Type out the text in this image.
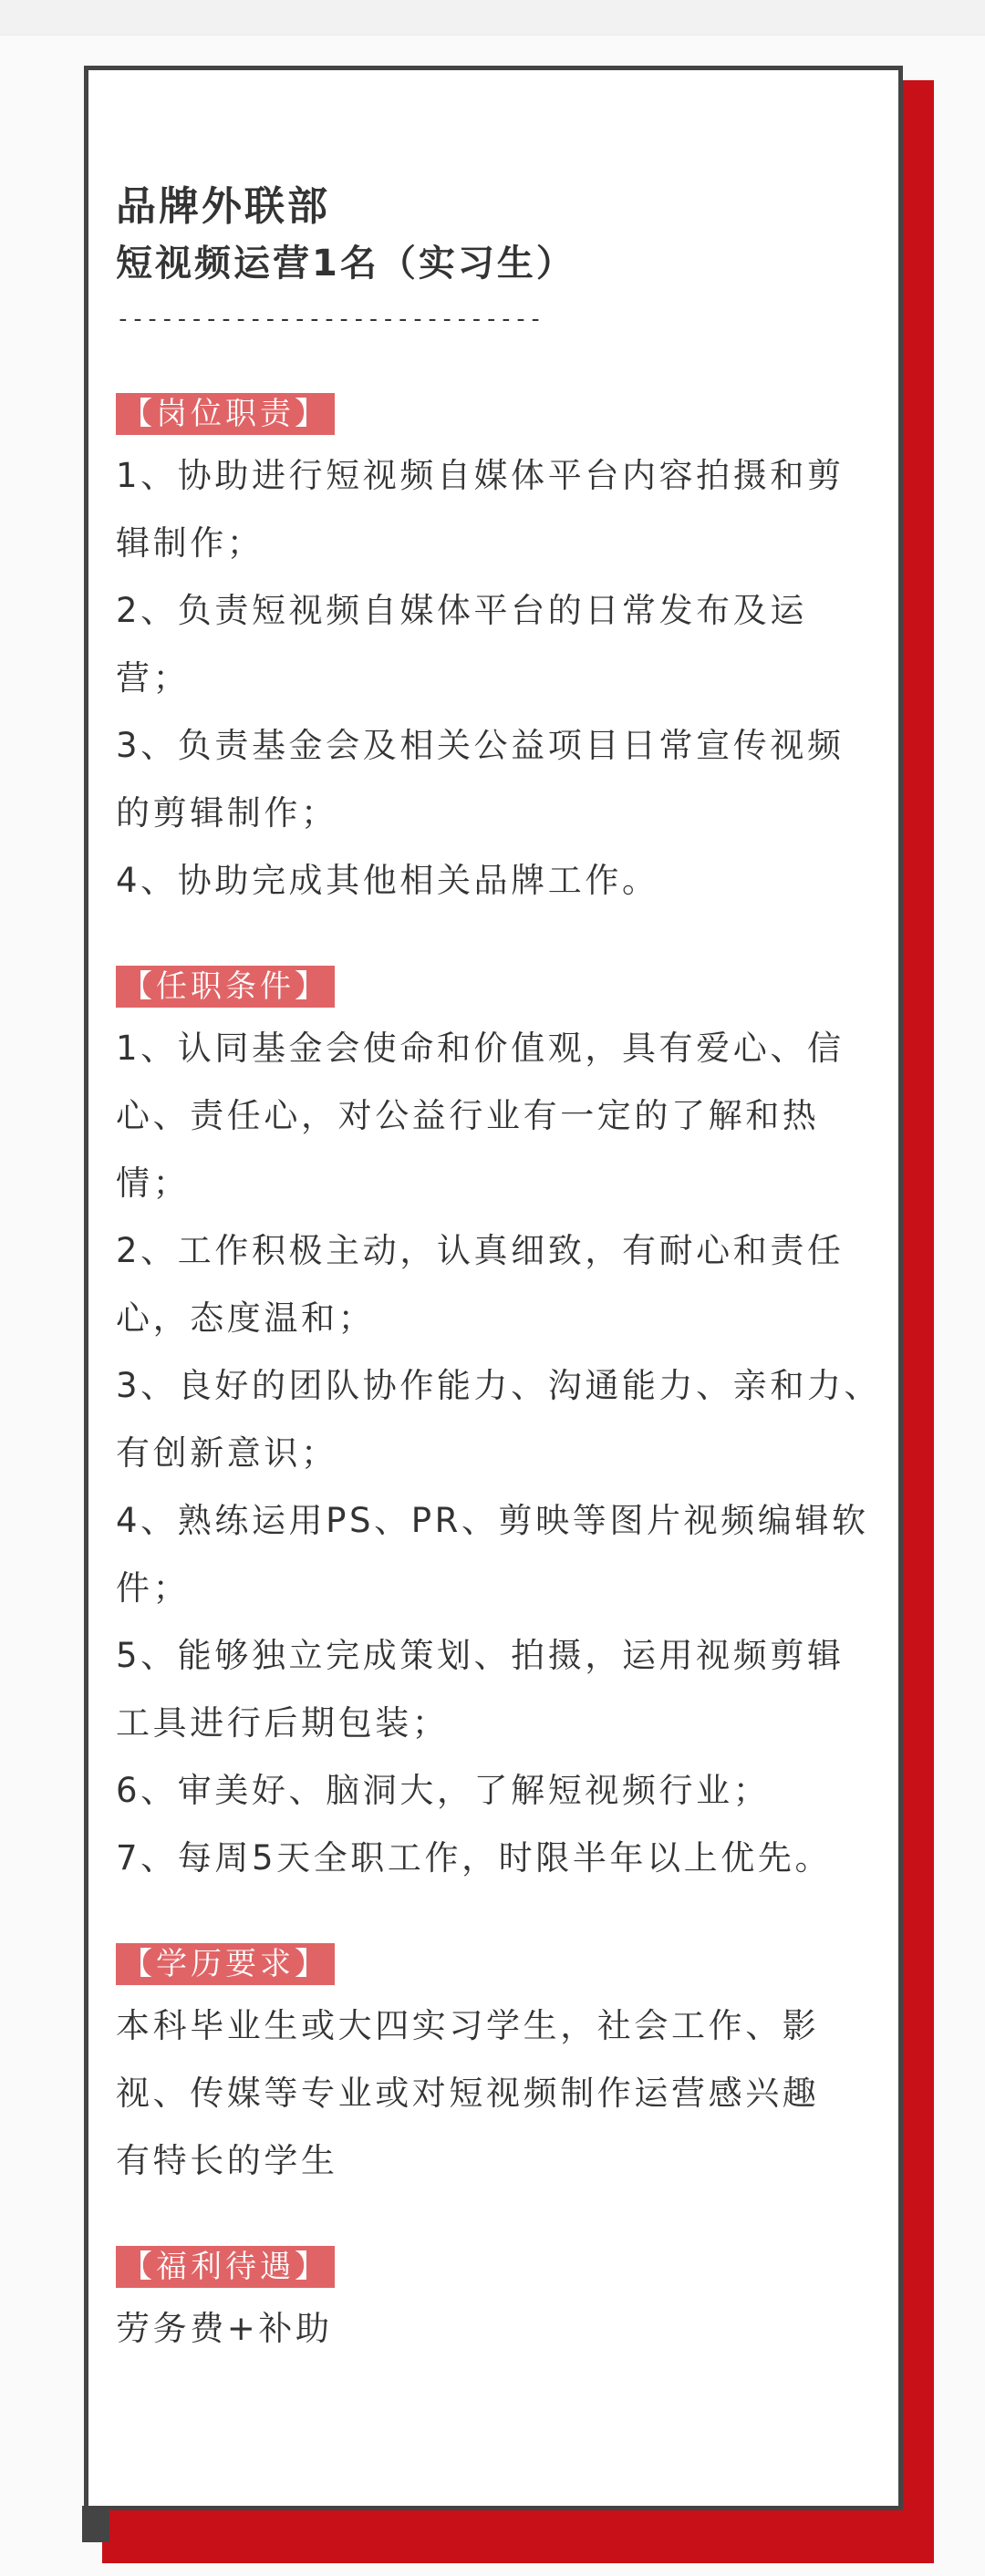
品牌外联部

短视频运营1名（实习生）

-----------------------------
【岗位职责】

1、协助进行短视频自媒体平台内容拍摄和剪

辑制作；

2、负责短视频自媒体平台的日常发布及运

营；

3、负责基金会及相关公益项目日常宣传视频

的剪辑制作；

4、协助完成其他相关品牌工作。

【任职条件】

1、认同基金会使命和价值观，具有爱心、信

心、责任心，对公益行业有一定的了解和热

情；

2、工作积极主动，认真细致，有耐心和责任

心，态度温和；

3、良好的团队协作能力、沟通能力、亲和力、

有创新意识；

4、熟练运用PS、PR、剪映等图片视频编辑软

件；

5、能够独立完成策划、拍摄，运用视频剪辑

工具进行后期包装；

6、审美好、脑洞大，了解短视频行业；

7、每周5天全职工作，时限半年以上优先。

【学历要求】

本科毕业生或大四实习学生，社会工作、影

视、传媒等专业或对短视频制作运营感兴趣

有特长的学生

【福利待遇】

劳务费+补助
